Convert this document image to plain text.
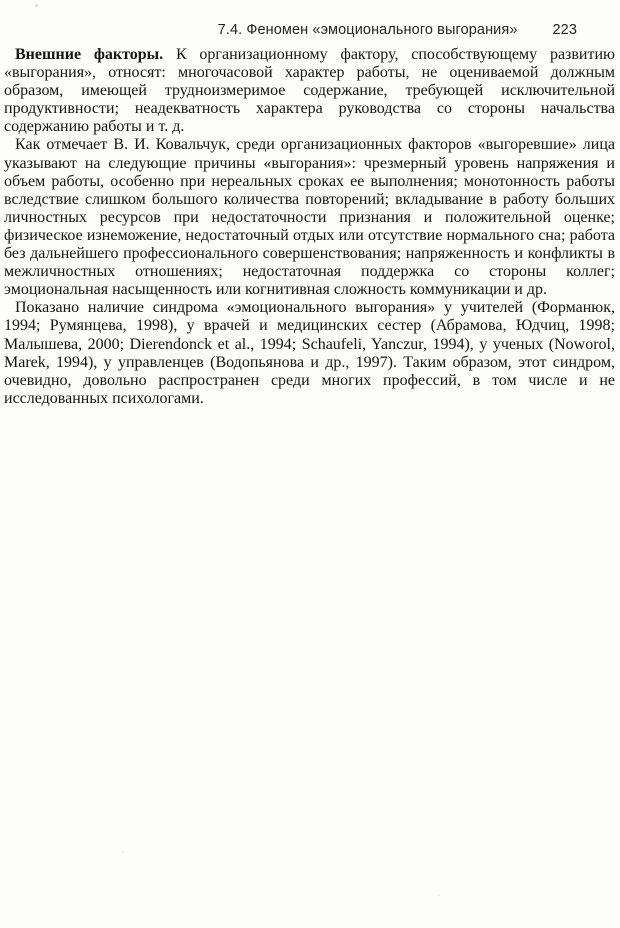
7.4. Феномен «эмоционального выгорания» 223

Внешние факторы. К организационному фактору, способствующему развитию «выгорания», относят: многочасовой характер работы, не оцениваемой должным образом, имеющей трудноизмеримое содержание, требующей исключительной продуктивности; неадекватность характера руководства со стороны начальства содержанию работы и т. д.

Как отмечает В. И. Ковальчук, среди организационных факторов «выгоревшие» лица указывают на следующие причины «выгорания»: чрезмерный уровень напряжения и объем работы, особенно при нереальных сроках ее выполнения; монотонность работы вследствие слишком большого количества повторений; вкладывание в работу больших личностных ресурсов при недостаточности признания и положительной оценке; физическое изнеможение, недостаточный отдых или отсутствие нормального сна; работа без дальнейшего профессионального совершенствования; напряженность и конфликты в межличностных отношениях; недостаточная поддержка со стороны коллег; эмоциональная насыщенность или когнитивная сложность коммуникации и др.

Показано наличие синдрома «эмоционального выгорания» у учителей (Форманюк, 1994; Румянцева, 1998), у врачей и медицинских сестер (Абрамова, Юдчиц, 1998; Малышева, 2000; Dierendonck et al., 1994; Schaufeli, Yanczur, 1994), у ученых (Noworol, Marek, 1994), у управленцев (Водопьянова и др., 1997). Таким образом, этот синдром, очевидно, довольно распространен среди многих профессий, в том числе и не исследованных психологами.
